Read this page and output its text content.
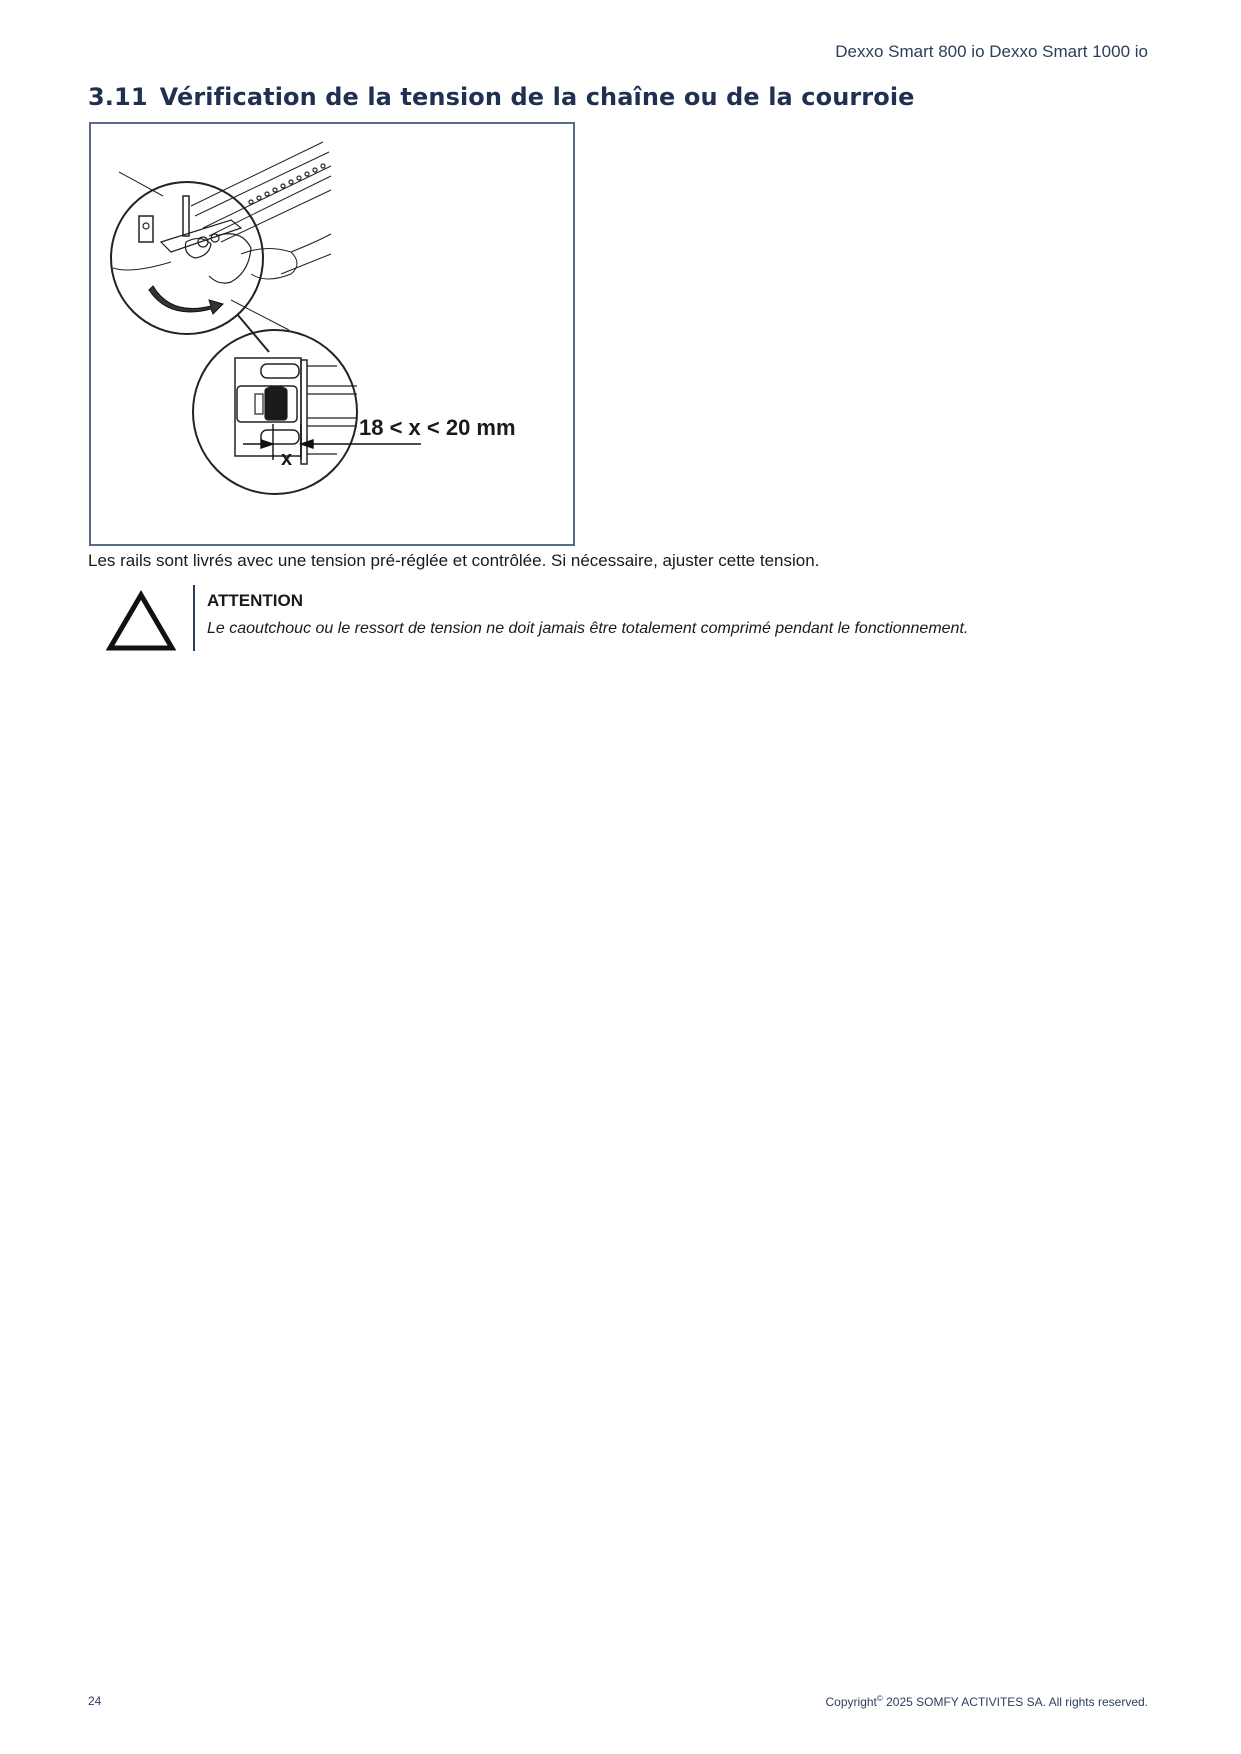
Dexxo Smart 800 io Dexxo Smart 1000 io
3.11 Vérification de la tension de la chaîne ou de la courroie
18 < x < 20 mm
x

Les rails sont livrés avec une tension pré-réglée et contrôlée. Si nécessaire, ajuster cette tension.

ATTENTION
Le caoutchouc ou le ressort de tension ne doit jamais être totalement comprimé pendant le fonctionnement.
24	Copyright© 2025 SOMFY ACTIVITES SA. All rights reserved.
